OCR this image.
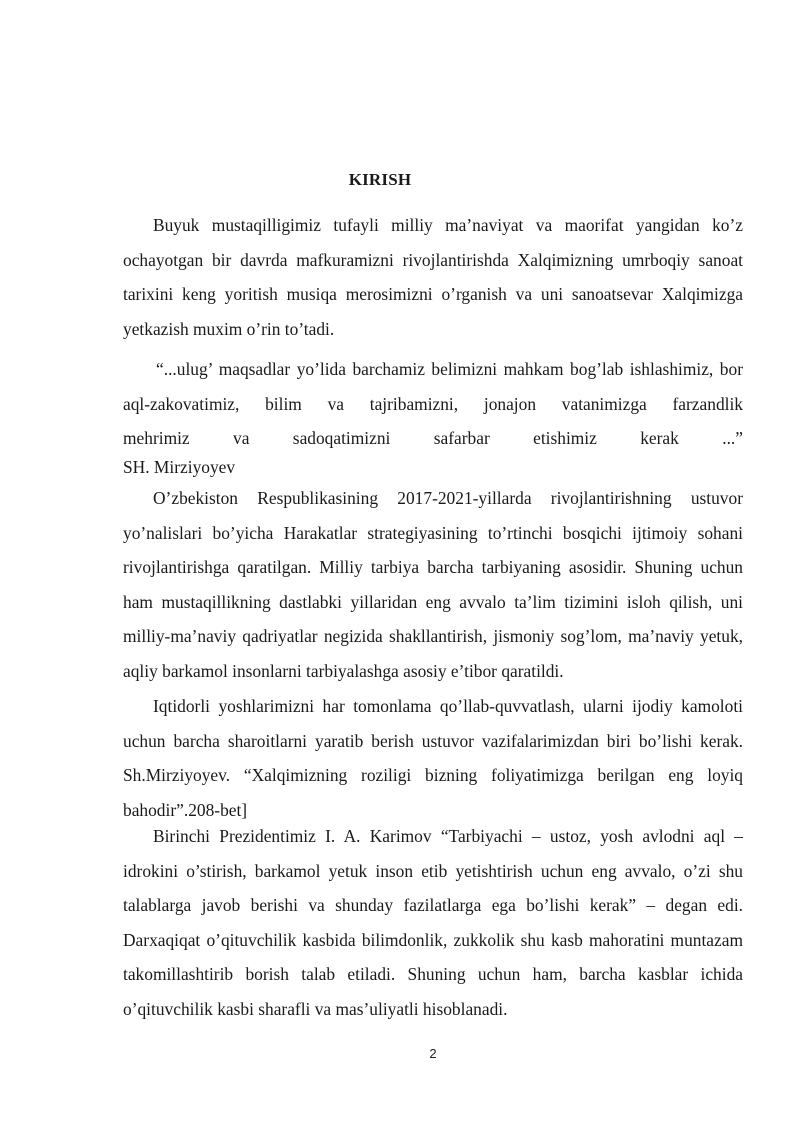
KIRISH
Buyuk mustaqilligimiz tufayli milliy ma’naviyat va maorifat yangidan ko’z ochayotgan bir davrda mafkuramizni rivojlantirishda Xalqimizning umrboqiy sanoat tarixini keng yoritish musiqa merosimizni o’rganish va uni sanoatsevar Xalqimizga yetkazish muxim o’rin to’tadi.
“...ulug’ maqsadlar yo’lida barchamiz belimizni mahkam bog’lab ishlashimiz, bor aql-zakovatimiz, bilim va tajribamizni, jonajon vatanimizga farzandlik
mehrimiz va sadoqatimizni safarbar etishimiz kerak ...”
SH. Mirziyoyev
O’zbekiston Respublikasining 2017-2021-yillarda rivojlantirishning ustuvor yo’nalislari bo’yicha Harakatlar strategiyasining to’rtinchi bosqichi ijtimoiy sohani rivojlantirishga qaratilgan. Milliy tarbiya barcha tarbiyaning asosidir. Shuning uchun ham mustaqillikning dastlabki yillaridan eng avvalo ta’lim tizimini isloh qilish, uni milliy-ma’naviy qadriyatlar negizida shakllantirish, jismoniy sog’lom, ma’naviy yetuk, aqliy barkamol insonlarni tarbiyalashga asosiy e’tibor qaratildi.
Iqtidorli yoshlarimizni har tomonlama qo’llab-quvvatlash, ularni ijodiy kamoloti uchun barcha sharoitlarni yaratib berish ustuvor vazifalarimizdan biri bo’lishi kerak. Sh.Mirziyoyev. “Xalqimizning roziligi bizning foliyatimizga berilgan eng loyiq bahodir”.208-bet]
Birinchi Prezidentimiz I. A. Karimov “Tarbiyachi – ustoz, yosh avlodni aql – idrokini o’stirish, barkamol yetuk inson etib yetishtirish uchun eng avvalo, o’zi shu talablarga javob berishi va shunday fazilatlarga ega bo’lishi kerak” – degan edi. Darxaqiqat o’qituvchilik kasbida bilimdonlik, zukkolik shu kasb mahoratini muntazam takomillashtirib borish talab etiladi. Shuning uchun ham, barcha kasblar ichida o’qituvchilik kasbi sharafli va mas’uliyatli hisoblanadi.
2
